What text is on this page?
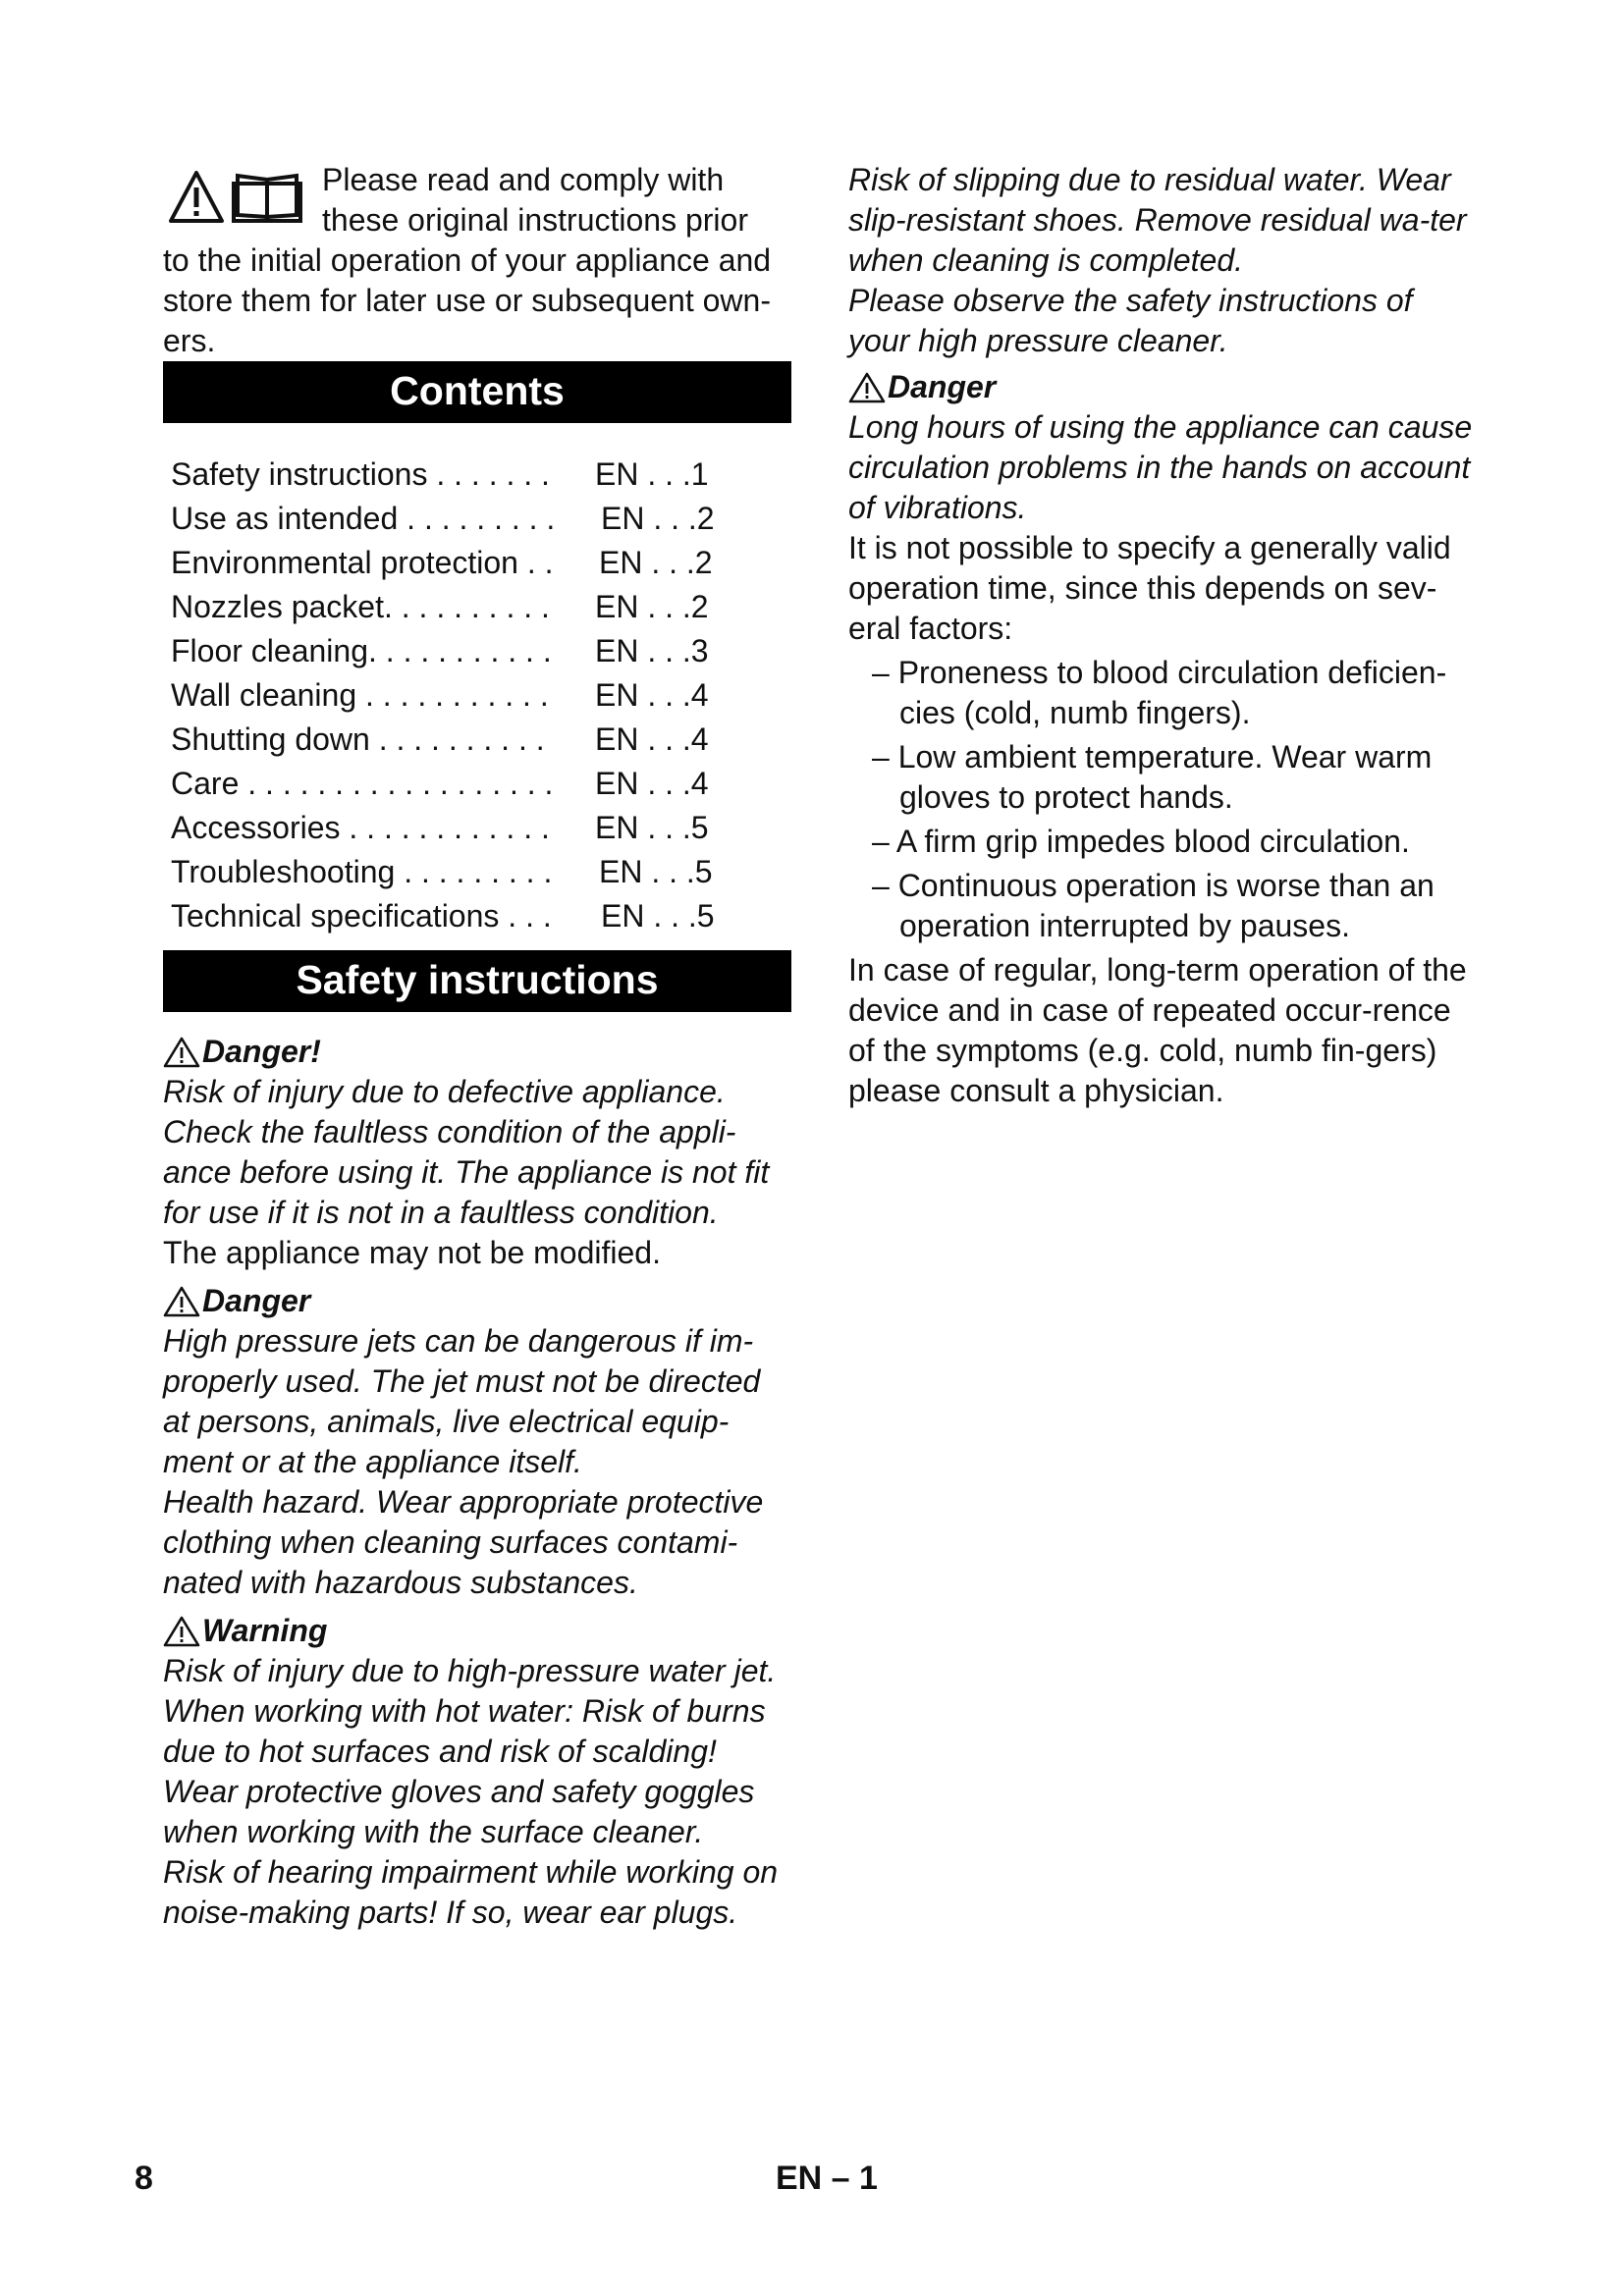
Please read and comply with
these original instructions prior

to the initial operation of your appliance and store them for later use or subsequent own-ers.

Contents
Safety instructions . . . . . . . EN . . .1
Use as intended . . . . . . . . . EN . . .2
Environmental protection . . EN . . .2
Nozzles packet. . . . . . . . . . EN . . .2
Floor cleaning. . . . . . . . . . . EN . . .3
Wall cleaning . . . . . . . . . . . EN . . .4
Shutting down . . . . . . . . . . EN . . .4
Care . . . . . . . . . . . . . . . . . . EN . . .4
Accessories . . . . . . . . . . . . EN . . .5
Troubleshooting . . . . . . . . . EN . . .5
Technical specifications . . . EN . . .5
Safety instructions
Danger!

Risk of injury due to defective appliance. Check the faultless condition of the appli-ance before using it. The appliance is not fit for use if it is not in a faultless condition.

The appliance may not be modified.

Danger

High pressure jets can be dangerous if im-properly used. The jet must not be directed at persons, animals, live electrical equip-ment or at the appliance itself.

Health hazard. Wear appropriate protective clothing when cleaning surfaces contami-nated with hazardous substances.

Warning

Risk of injury due to high-pressure water jet.

When working with hot water: Risk of burns due to hot surfaces and risk of scalding!

Wear protective gloves and safety goggles when working with the surface cleaner.

Risk of hearing impairment while working on noise-making parts! If so, wear ear plugs.

Risk of slipping due to residual water. Wear slip-resistant shoes. Remove residual wa-ter when cleaning is completed.

Please observe the safety instructions of your high pressure cleaner.

Danger

Long hours of using the appliance can cause circulation problems in the hands on account of vibrations.

It is not possible to specify a generally valid operation time, since this depends on sev-eral factors:

– Proneness to blood circulation deficien-cies (cold, numb fingers).
– Low ambient temperature. Wear warm gloves to protect hands.
– A firm grip impedes blood circulation.
– Continuous operation is worse than an operation interrupted by pauses.

In case of regular, long-term operation of the device and in case of repeated occur-rence of the symptoms (e.g. cold, numb fin-gers) please consult a physician.

8	EN – 1
